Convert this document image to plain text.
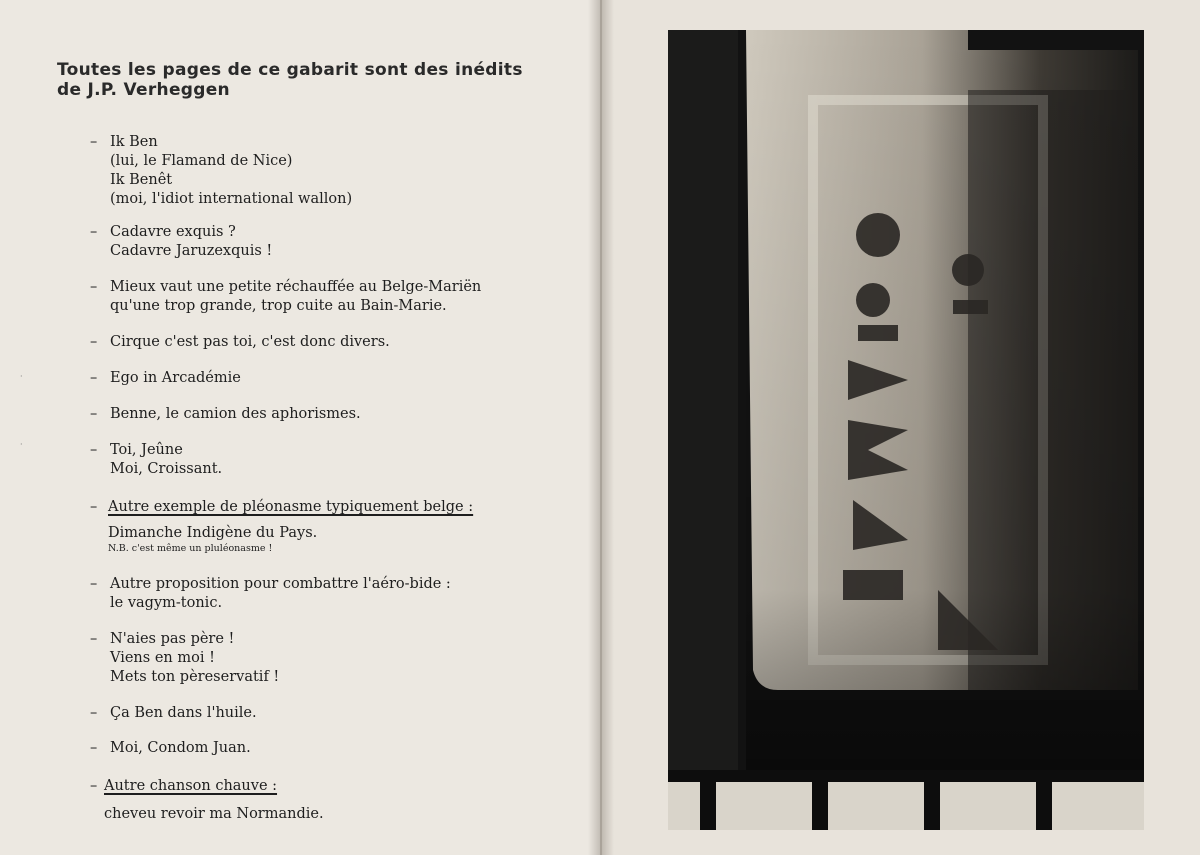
Toutes les pages de ce gabarit sont des inédits
de J.P. Verheggen
·
·
– Ik Ben
(lui, le Flamand de Nice)
Ik Benêt
(moi, l'idiot international wallon)
– Cadavre exquis ?
Cadavre Jaruzexquis !
– Mieux vaut une petite réchauffée au Belge-Mariën
qu'une trop grande, trop cuite au Bain-Marie.
– Cirque c'est pas toi, c'est donc divers.
– Ego in Arcadémie
– Benne, le camion des aphorismes.
– Toi, Jeûne
Moi, Croissant.
– Autre exemple de pléonasme typiquement belge :
Dimanche Indigène du Pays.
N.B. c'est même un pluléonasme !
– Autre proposition pour combattre l'aéro-bide :
le vagym-tonic.
– N'aies pas père !
Viens en moi !
Mets ton pèreservatif !
– Ça Ben dans l'huile.
– Moi, Condom Juan.
– Autre chanson chauve :
cheveu revoir ma Normandie.
